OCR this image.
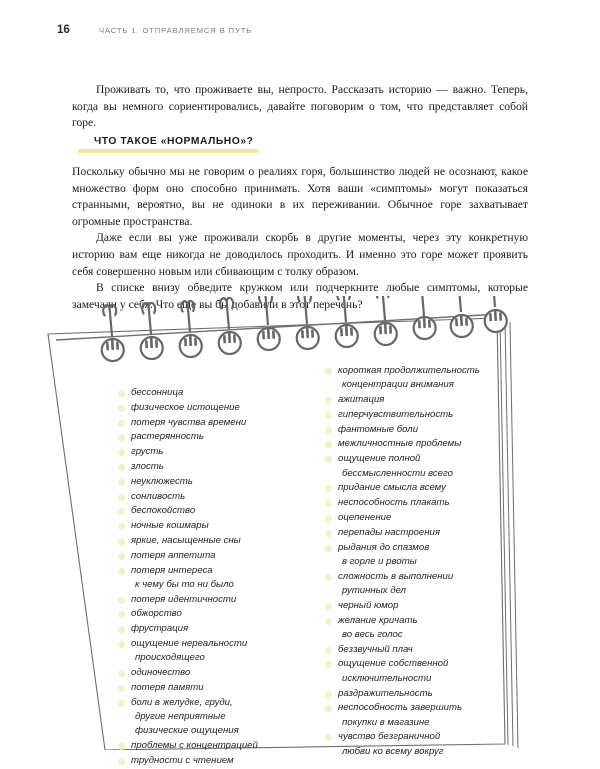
16	ЧАСТЬ 1. ОТПРАВЛЯЕМСЯ В ПУТЬ

Проживать то, что проживаете вы, непросто. Рассказать историю — важно. Теперь, когда вы немного сориентировались, давайте поговорим о том, что представляет собой горе.

ЧТО ТАКОЕ «НОРМАЛЬНО»?

Поскольку обычно мы не говорим о реалиях горя, большинство людей не осознают, какое множество форм оно способно принимать. Хотя ваши «симптомы» могут показаться странными, вероятно, вы не одиноки в их переживании. Обычное горе захватывает огромные пространства.

Даже если вы уже проживали скорбь в другие моменты, через эту конкретную историю вам еще никогда не доводилось проходить. И именно это горе может проявить себя совершенно новым или сбивающим с толку образом.

В списке внизу обведите кружком или подчеркните любые симптомы, которые замечали у себя. Что еще вы бы добавили в этот перечень?

бессонница
физическое истощение
потеря чувства времени
растерянность
грусть
злость
неуклюжесть
сонливость
беспокойство
ночные кошмары
яркие, насыщенные сны
потеря аппетита
потеря интереса
к чему бы то ни было
потеря идентичности
обжорство
фрустрация
ощущение нереальности
происходящего
одиночество
потеря памяти
боли в желудке, груди,
другие неприятные
физические ощущения
проблемы с концентрацией
трудности с чтением
короткая продолжительность
концентрации внимания
ажитация
гиперчувствительность
фантомные боли
межличностные проблемы
ощущение полной
бессмысленности всего
придание смысла всему
неспособность плакать
оцепенение
перепады настроения
рыдания до спазмов
в горле и рвоты
сложность в выполнении
рутинных дел
черный юмор
желание кричать
во весь голос
беззвучный плач
ощущение собственной
исключительности
раздражительность
неспособность завершить
покупки в магазине
чувство безграничной
любви ко всему вокруг
